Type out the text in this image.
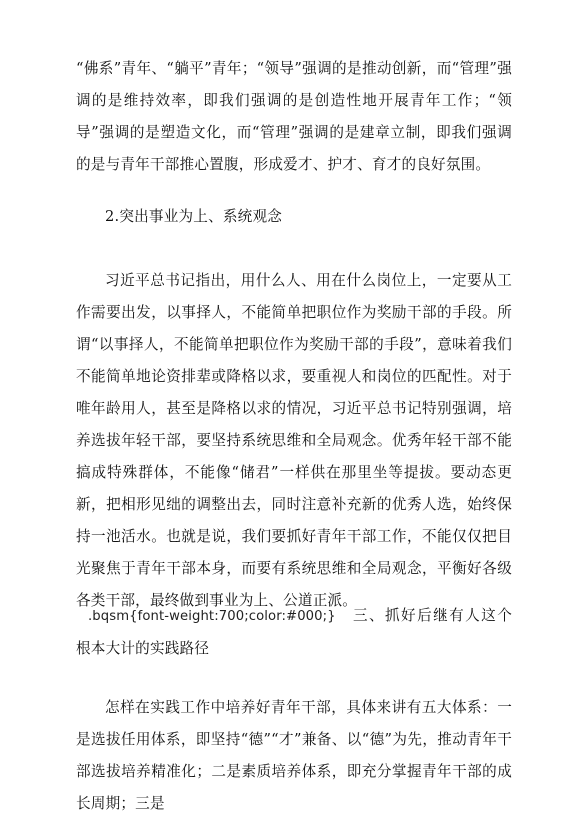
“佛系”青年、“躺平”青年；“领导”强调的是推动创新，而“管理”强调的是维持效率，即我们强调的是创造性地开展青年工作；“领导”强调的是塑造文化，而“管理”强调的是建章立制，即我们强调的是与青年干部推心置腹，形成爱才、护才、育才的良好氛围。

2.突出事业为上、系统观念

习近平总书记指出，用什么人、用在什么岗位上，一定要从工作需要出发，以事择人，不能简单把职位作为奖励干部的手段。所谓“以事择人，不能简单把职位作为奖励干部的手段”，意味着我们不能简单地论资排辈或降格以求，要重视人和岗位的匹配性。对于唯年龄用人，甚至是降格以求的情况，习近平总书记特别强调，培养选拔年轻干部，要坚持系统思维和全局观念。优秀年轻干部不能搞成特殊群体，不能像“储君”一样供在那里坐等提拔。要动态更新，把相形见绌的调整出去，同时注意补充新的优秀人选，始终保持一池活水。也就是说，我们要抓好青年干部工作，不能仅仅把目光聚焦于青年干部本身，而要有系统思维和全局观念，平衡好各级各类干部，最终做到事业为上、公道正派。

.bqsm{font-weight:700;color:#000;}　 三、抓好后继有人这个根本大计的实践路径

怎样在实践工作中培养好青年干部，具体来讲有五大体系：一是选拔任用体系，即坚持“德”“才”兼备、以“德”为先，推动青年干部选拔培养精准化；二是素质培养体系，即充分掌握青年干部的成长周期；三是
